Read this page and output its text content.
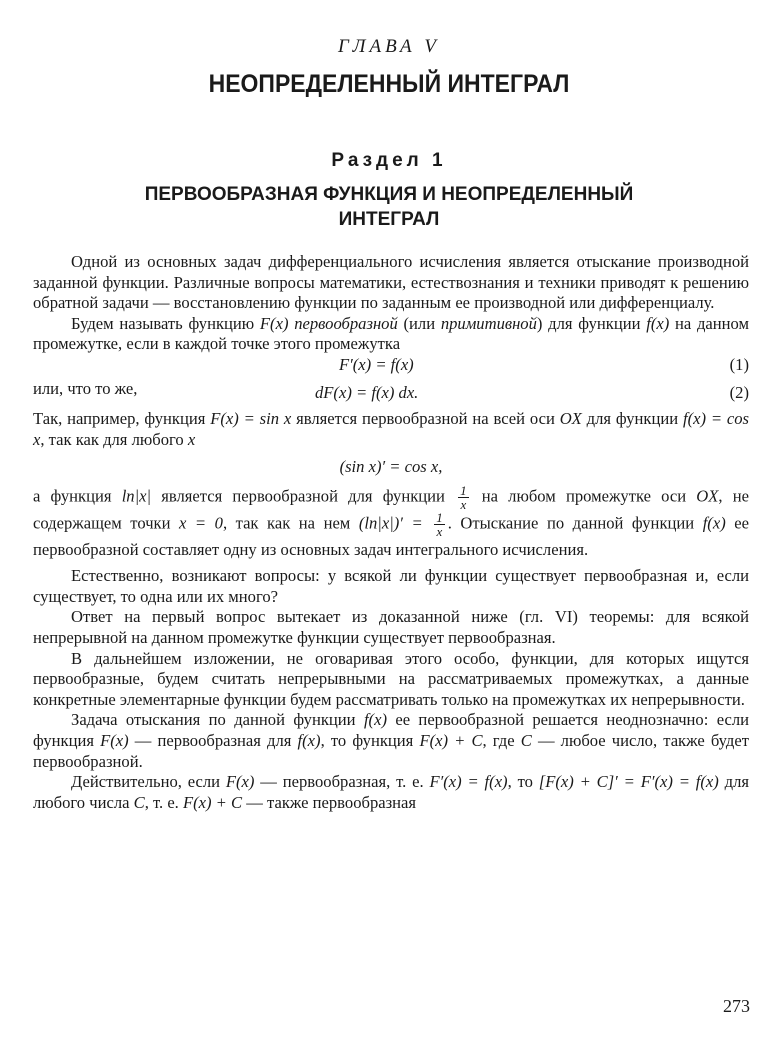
ГЛАВА V
НЕОПРЕДЕЛЕННЫЙ ИНТЕГРАЛ
Раздел 1
ПЕРВООБРАЗНАЯ ФУНКЦИЯ И НЕОПРЕДЕЛЕННЫЙ
ИНТЕГРАЛ

Одной из основных задач дифференциального исчисления является отыскание производной заданной функции. Различные вопросы математики, естествознания и техники приводят к решению обратной задачи — восстановлению функции по заданным ее производной или дифференциалу.

Будем называть функцию F(x) первообразной (или примитивной) для функции f(x) на данном промежутке, если в каждой точке этого промежутка

F′(x) = f(x)	(1)
или, что то же,	dF(x) = f(x) dx.	(2)

Так, например, функция F(x) = sin x является первообразной на всей оси OX для функции f(x) = cos x, так как для любого x

(sin x)′ = cos x,

а функция ln|x| является первообразной для функции $\frac{1}{x}$ на любом промежутке оси OX, не содержащем точки x = 0, так как на нем $(\ln|x|)' = \frac{1}{x}$ . Отыскание по данной функции f(x) ее первообразной составляет одну из основных задач интегрального исчисления.

Естественно, возникают вопросы: у всякой ли функции существует первообразная и, если существует, то одна или их много?

Ответ на первый вопрос вытекает из доказанной ниже (гл. VI) теоремы: для всякой непрерывной на данном промежутке функции существует первообразная.

В дальнейшем изложении, не оговаривая этого особо, функции, для которых ищутся первообразные, будем считать непрерывными на рассматриваемых промежутках, а данные конкретные элементарные функции будем рассматривать только на промежутках их непрерывности.

Задача отыскания по данной функции f(x) ее первообразной решается неоднозначно: если функция F(x) — первообразная для f(x), то функция F(x) + C, где C — любое число, также будет первообразной.

Действительно, если F(x) — первообразная, т. е. F′(x) = f(x), то [F(x) + C]′ = F′(x) = f(x) для любого числа C, т. е. F(x) + C — также первообразная

273
